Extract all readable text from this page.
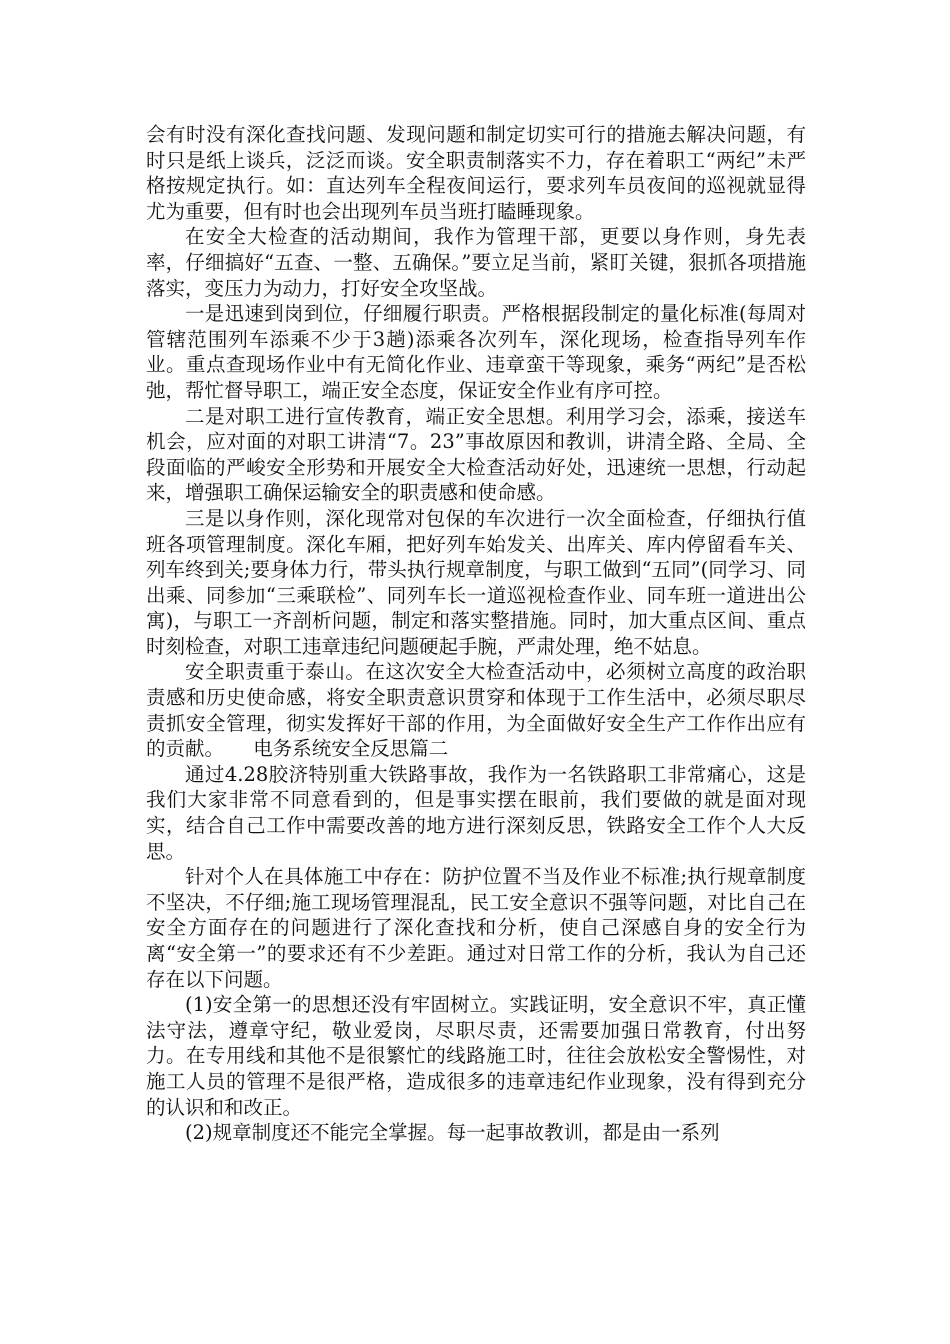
会有时没有深化查找问题、发现问题和制定切实可行的措施去解决问题，有时只是纸上谈兵，泛泛而谈。安全职责制落实不力，存在着职工“两纪”未严格按规定执行。如：直达列车全程夜间运行，要求列车员夜间的巡视就显得尤为重要，但有时也会出现列车员当班打瞌睡现象。

在安全大检查的活动期间，我作为管理干部，更要以身作则，身先表率，仔细搞好“五查、一整、五确保。”要立足当前，紧盯关键，狠抓各项措施落实，变压力为动力，打好安全攻坚战。

一是迅速到岗到位，仔细履行职责。严格根据段制定的量化标准(每周对管辖范围列车添乘不少于3趟)添乘各次列车，深化现场，检查指导列车作业。重点查现场作业中有无简化作业、违章蛮干等现象，乘务“两纪”是否松弛，帮忙督导职工，端正安全态度，保证安全作业有序可控。

二是对职工进行宣传教育，端正安全思想。利用学习会，添乘，接送车机会，应对面的对职工讲清“7。23”事故原因和教训，讲清全路、全局、全段面临的严峻安全形势和开展安全大检查活动好处，迅速统一思想，行动起来，增强职工确保运输安全的职责感和使命感。

三是以身作则，深化现常对包保的车次进行一次全面检查，仔细执行值班各项管理制度。深化车厢，把好列车始发关、出库关、库内停留看车关、列车终到关;要身体力行，带头执行规章制度，与职工做到“五同”(同学习、同出乘、同参加“三乘联检”、同列车长一道巡视检查作业、同车班一道进出公寓)，与职工一齐剖析问题，制定和落实整措施。同时，加大重点区间、重点时刻检查，对职工违章违纪问题硬起手腕，严肃处理，绝不姑息。

安全职责重于泰山。在这次安全大检查活动中，必须树立高度的政治职责感和历史使命感，将安全职责意识贯穿和体现于工作生活中，必须尽职尽责抓安全管理，彻实发挥好干部的作用，为全面做好安全生产工作作出应有的贡献。　　电务系统安全反思篇二

通过4.28胶济特别重大铁路事故，我作为一名铁路职工非常痛心，这是我们大家非常不同意看到的，但是事实摆在眼前，我们要做的就是面对现实，结合自己工作中需要改善的地方进行深刻反思，铁路安全工作个人大反思。

针对个人在具体施工中存在：防护位置不当及作业不标准;执行规章制度不坚决，不仔细;施工现场管理混乱，民工安全意识不强等问题，对比自己在安全方面存在的问题进行了深化查找和分析，使自己深感自身的安全行为离“安全第一”的要求还有不少差距。通过对日常工作的分析，我认为自己还存在以下问题。

(1)安全第一的思想还没有牢固树立。实践证明，安全意识不牢，真正懂法守法，遵章守纪，敬业爱岗，尽职尽责，还需要加强日常教育，付出努力。在专用线和其他不是很繁忙的线路施工时，往往会放松安全警惕性，对施工人员的管理不是很严格，造成很多的违章违纪作业现象，没有得到充分的认识和和改正。

(2)规章制度还不能完全掌握。每一起事故教训，都是由一系列
